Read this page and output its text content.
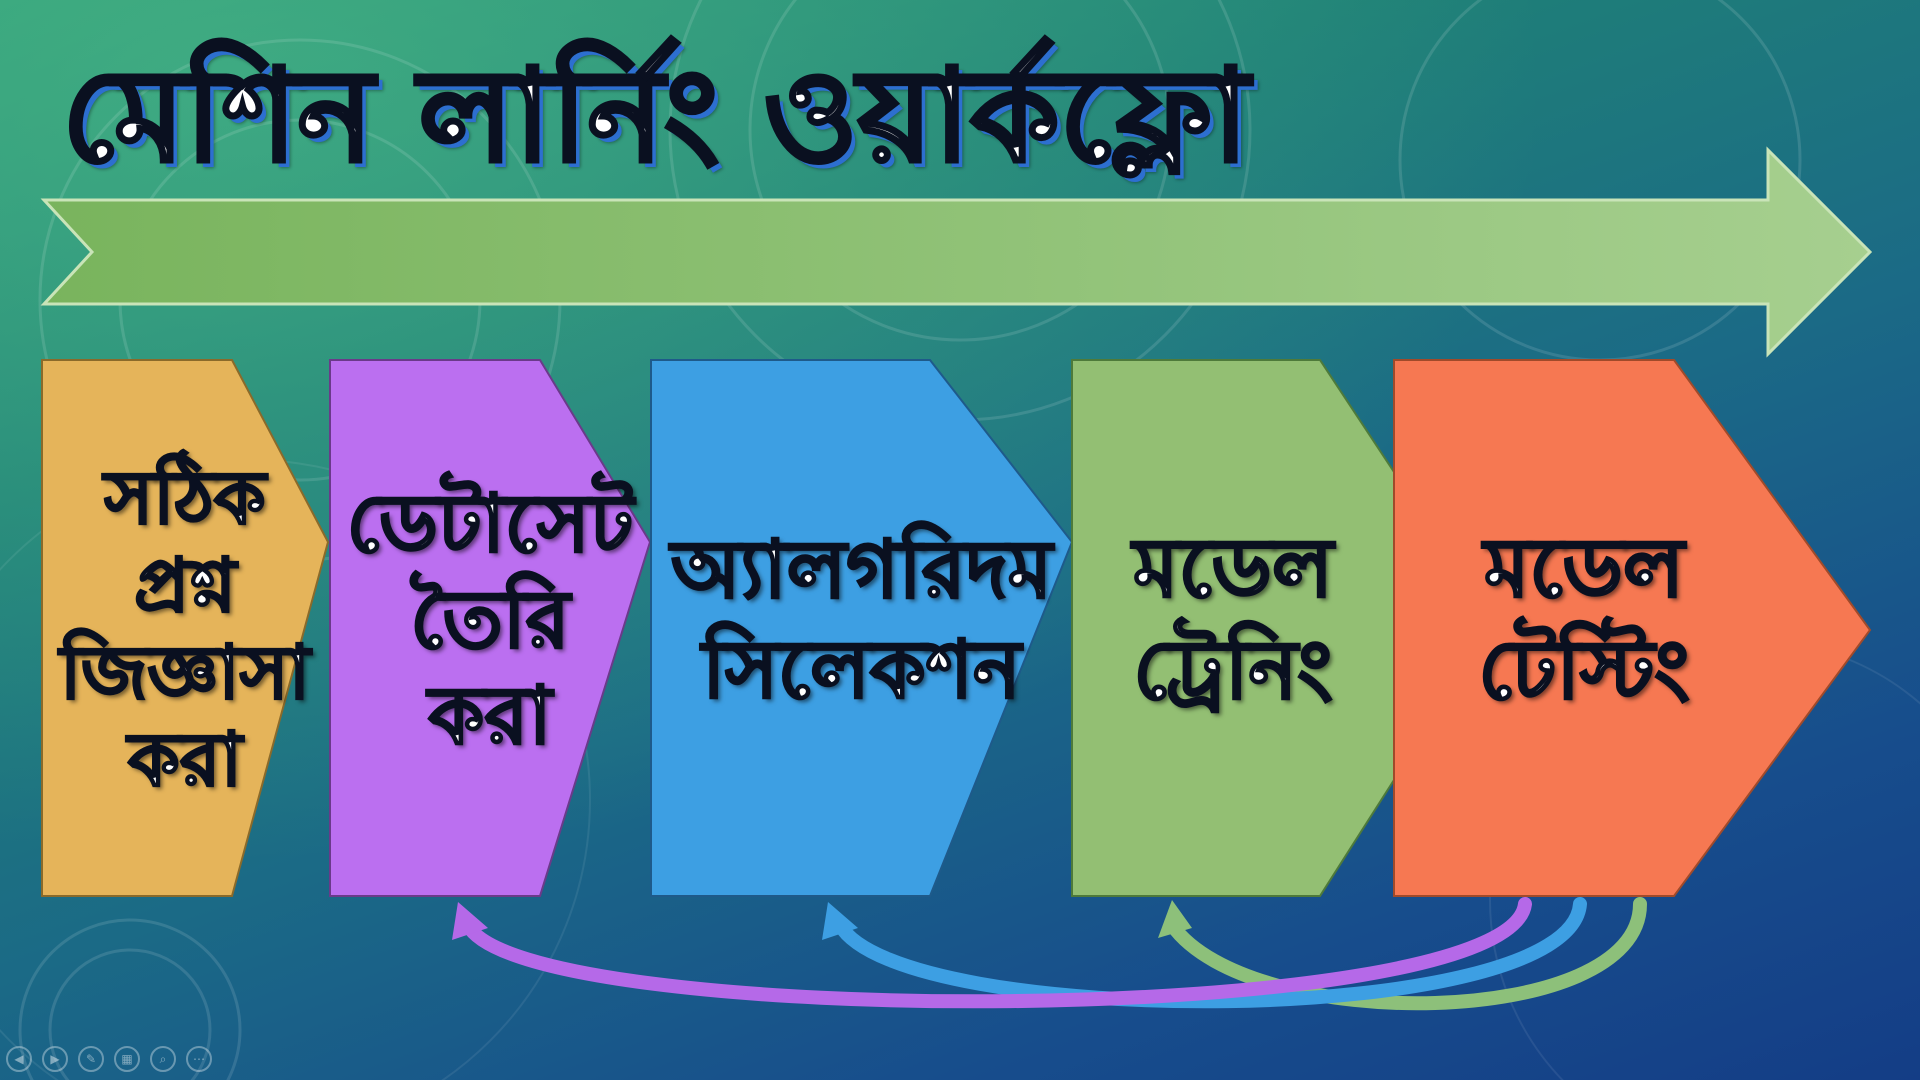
মেশিন লার্নিং ওয়ার্কফ্লো
সঠিক
প্রশ্ন
জিজ্ঞাসা
করা
ডেটাসেট
তৈরি
করা
অ্যালগরিদম
সিলেকশন
মডেল
ট্রেনিং
মডেল
টেস্টিং
◀	▶	✎	▦	⌕	⋯
